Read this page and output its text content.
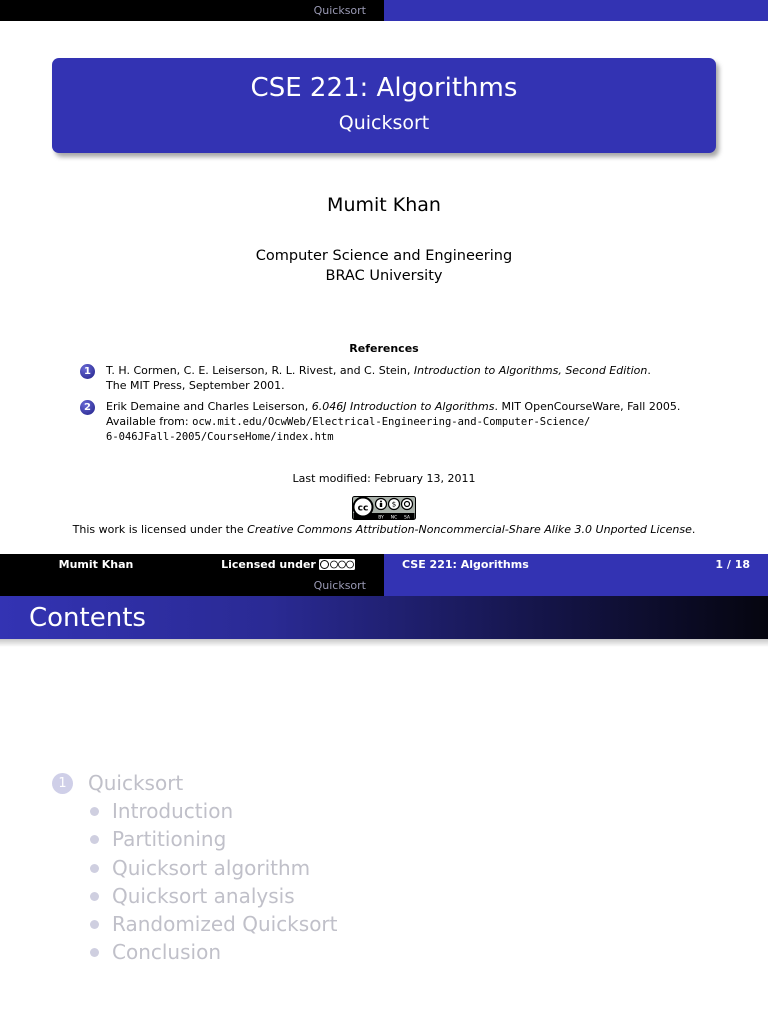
Quicksort
CSE 221: Algorithms
Quicksort
Mumit Khan
Computer Science and Engineering
BRAC University
References
1	T. H. Cormen, C. E. Leiserson, R. L. Rivest, and C. Stein, Introduction to Algorithms, Second Edition.
The MIT Press, September 2001.
2	Erik Demaine and Charles Leiserson, 6.046J Introduction to Algorithms. MIT OpenCourseWare, Fall 2005.
Available from: ocw.mit.edu/OcwWeb/Electrical-Engineering-and-Computer-Science/
6-046JFall-2005/CourseHome/index.htm
Last modified: February 13, 2011
cc	$
BY NC SA
This work is licensed under the Creative Commons Attribution-Noncommercial-Share Alike 3.0 Unported License.
Mumit Khan	Licensed under	CSE 221: Algorithms	1 / 18
Quicksort
Contents
1	Quicksort
Introduction
Partitioning
Quicksort algorithm
Quicksort analysis
Randomized Quicksort
Conclusion
